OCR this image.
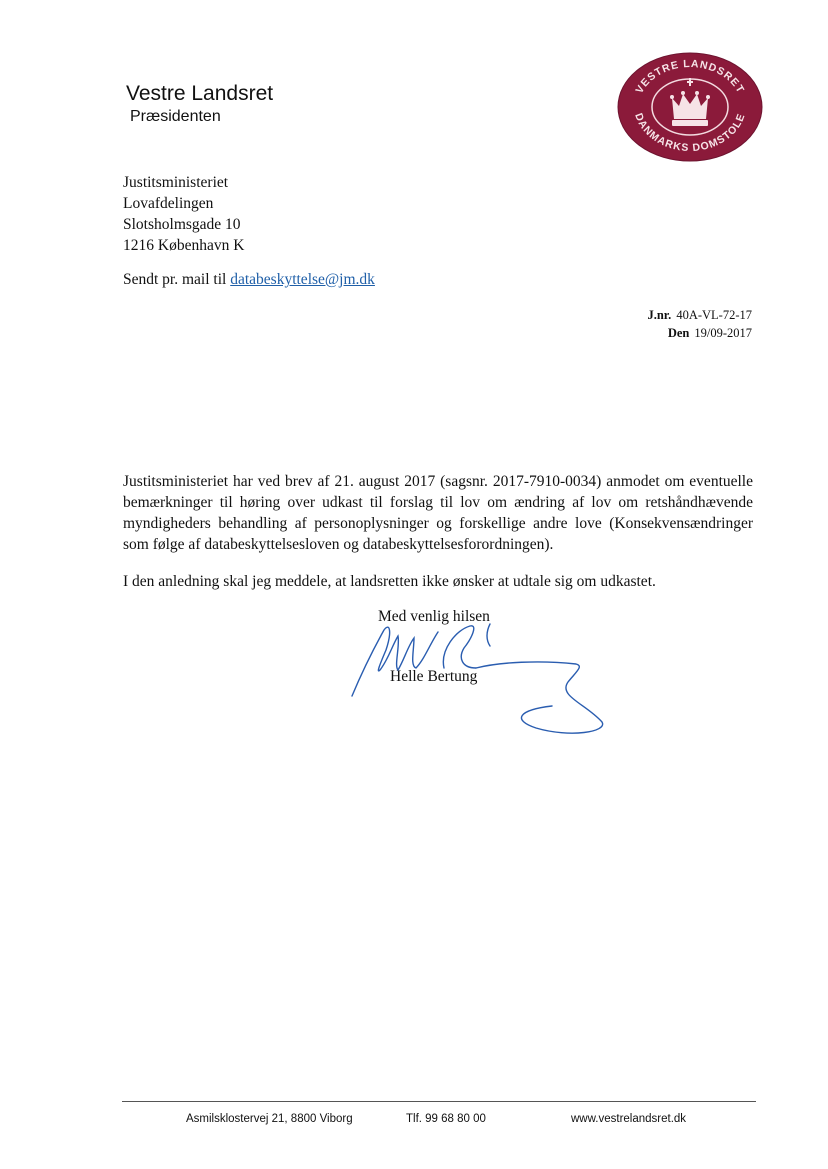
Vestre Landsret
Præsidenten
VESTRE LANDSRET
DANMARKS DOMSTOLE
Justitsministeriet
Lovafdelingen
Slotsholmsgade 10
1216 København K
Sendt pr. mail til databeskyttelse@jm.dk
J.nr. 40A-VL-72-17
Den 19/09-2017

Justitsministeriet har ved brev af 21. august 2017 (sagsnr. 2017-7910-0034) anmodet om eventuelle bemærkninger til høring over udkast til forslag til lov om ændring af lov om retshåndhævende myndigheders behandling af personoplysninger og forskellige andre love (Konsekvensændringer som følge af databeskyttelsesloven og databeskyttelsesforordningen).

I den anledning skal jeg meddele, at landsretten ikke ønsker at udtale sig om udkastet.

Med venlig hilsen
Helle Bertung
Asmilsklostervej 21, 8800 Viborg	Tlf. 99 68 80 00	www.vestrelandsret.dk
